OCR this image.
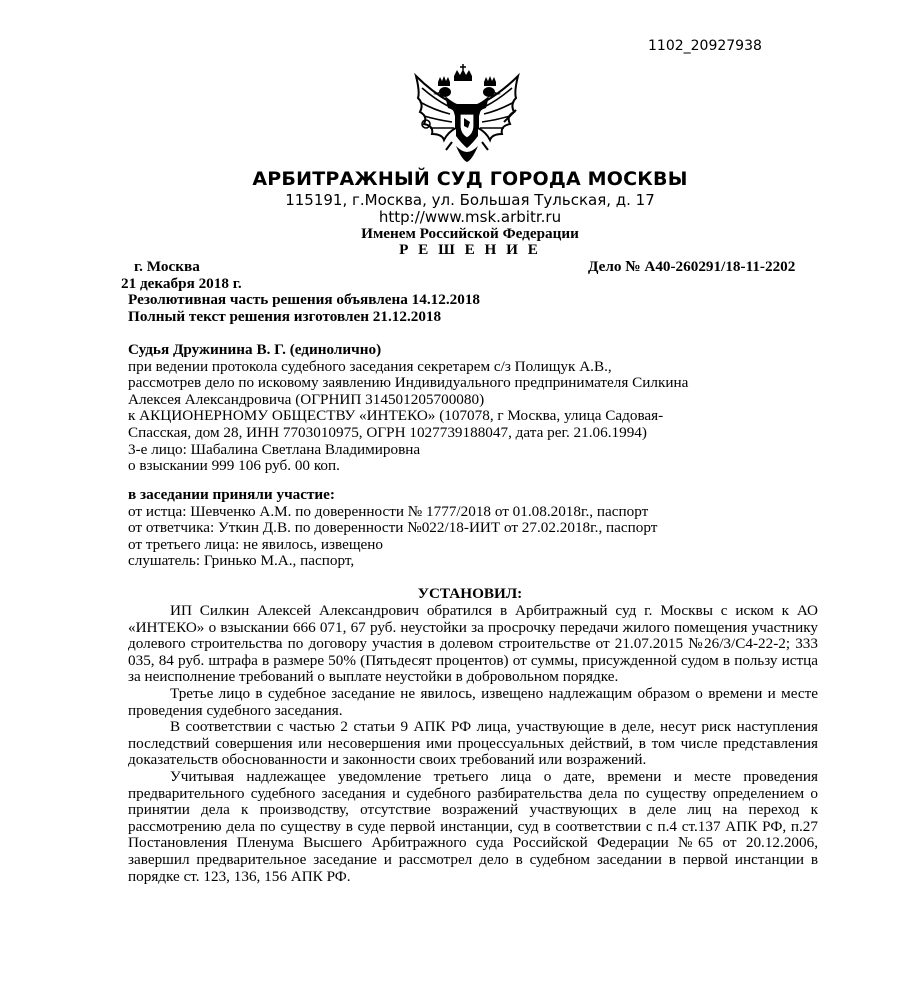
1102_20927938
АРБИТРАЖНЫЙ СУД ГОРОДА МОСКВЫ
115191, г.Москва, ул. Большая Тульская, д. 17
http://www.msk.arbitr.ru
Именем Российской Федерации
Р Е Ш Е Н И Е
г. Москва	Дело № А40-260291/18-11-2202
21 декабря 2018 г.
Резолютивная часть решения объявлена 14.12.2018
Полный текст решения изготовлен 21.12.2018

Судья Дружинина В. Г. (единолично)

при ведении протокола судебного заседания секретарем с/з Полищук А.В.,

рассмотрев дело по исковому заявлению Индивидуального предпринимателя Силкина

Алексея Александровича (ОГРНИП 314501205700080)

к АКЦИОНЕРНОМУ ОБЩЕСТВУ «ИНТЕКО» (107078, г Москва, улица Садовая-

Спасская, дом 28, ИНН 7703010975, ОГРН 1027739188047, дата рег. 21.06.1994)

3-е лицо: Шабалина Светлана Владимировна

о взыскании 999 106 руб. 00 коп.

в заседании приняли участие:

от истца: Шевченко А.М. по доверенности № 1777/2018 от 01.08.2018г., паспорт

от ответчика: Уткин Д.В. по доверенности №022/18-ИИТ от 27.02.2018г., паспорт

от третьего лица: не явилось, извещено

слушатель: Гринько М.А., паспорт,

УСТАНОВИЛ:

ИП Силкин Алексей Александрович обратился в Арбитражный суд г. Москвы с иском к АО «ИНТЕКО» о взыскании 666 071, 67 руб. неустойки за просрочку передачи жилого помещения участнику долевого строительства по договору участия в долевом строительстве от 21.07.2015 №26/3/С4-22-2; 333 035, 84 руб. штрафа в размере 50% (Пятьдесят процентов) от суммы, присужденной судом в пользу истца за неисполнение требований о выплате неустойки в добровольном порядке.

Третье лицо в судебное заседание не явилось, извещено надлежащим образом о времени и месте проведения судебного заседания.

В соответствии с частью 2 статьи 9 АПК РФ лица, участвующие в деле, несут риск наступления последствий совершения или несовершения ими процессуальных действий, в том числе представления доказательств обоснованности и законности своих требований или возражений.

Учитывая надлежащее уведомление третьего лица о дате, времени и месте проведения предварительного судебного заседания и судебного разбирательства дела по существу определением о принятии дела к производству, отсутствие возражений участвующих в деле лиц на переход к рассмотрению дела по существу в суде первой инстанции, суд в соответствии с п.4 ст.137 АПК РФ, п.27 Постановления Пленума Высшего Арбитражного суда Российской Федерации №65 от 20.12.2006, завершил предварительное заседание и рассмотрел дело в судебном заседании в первой инстанции в порядке ст. 123, 136, 156 АПК РФ.
